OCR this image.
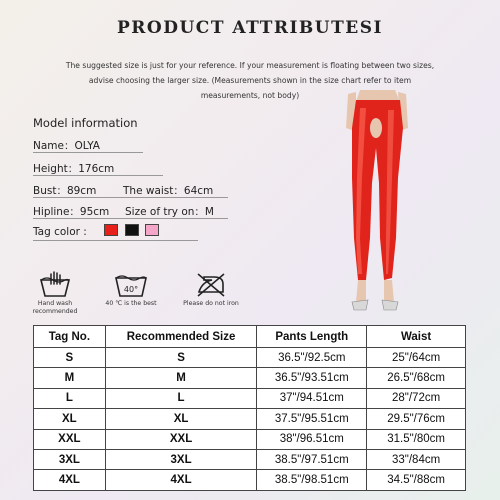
PRODUCT ATTRIBUTESI
The suggested size is just for your reference. If your measurement is floating between two sizes,
advise choosing the larger size. (Measurements shown in the size chart refer to item
measurements, not body)
Model information
Name：OLYA
Height：176cm
Bust：89cm	The waist：64cm
Hipline：95cm Size of try on：M
Tag color :
Hand wash
recommended
40°
40 ℃ is the best	Please do not iron
Tag No.	Recommended Size	Pants Length	Waist
S	S	36.5"/92.5cm	25"/64cm
M	M	36.5"/93.51cm	26.5"/68cm
L	L	37"/94.51cm	28"/72cm
XL	XL	37.5"/95.51cm	29.5"/76cm
XXL	XXL	38"/96.51cm	31.5"/80cm
3XL	3XL	38.5"/97.51cm	33"/84cm
4XL	4XL	38.5"/98.51cm	34.5"/88cm
